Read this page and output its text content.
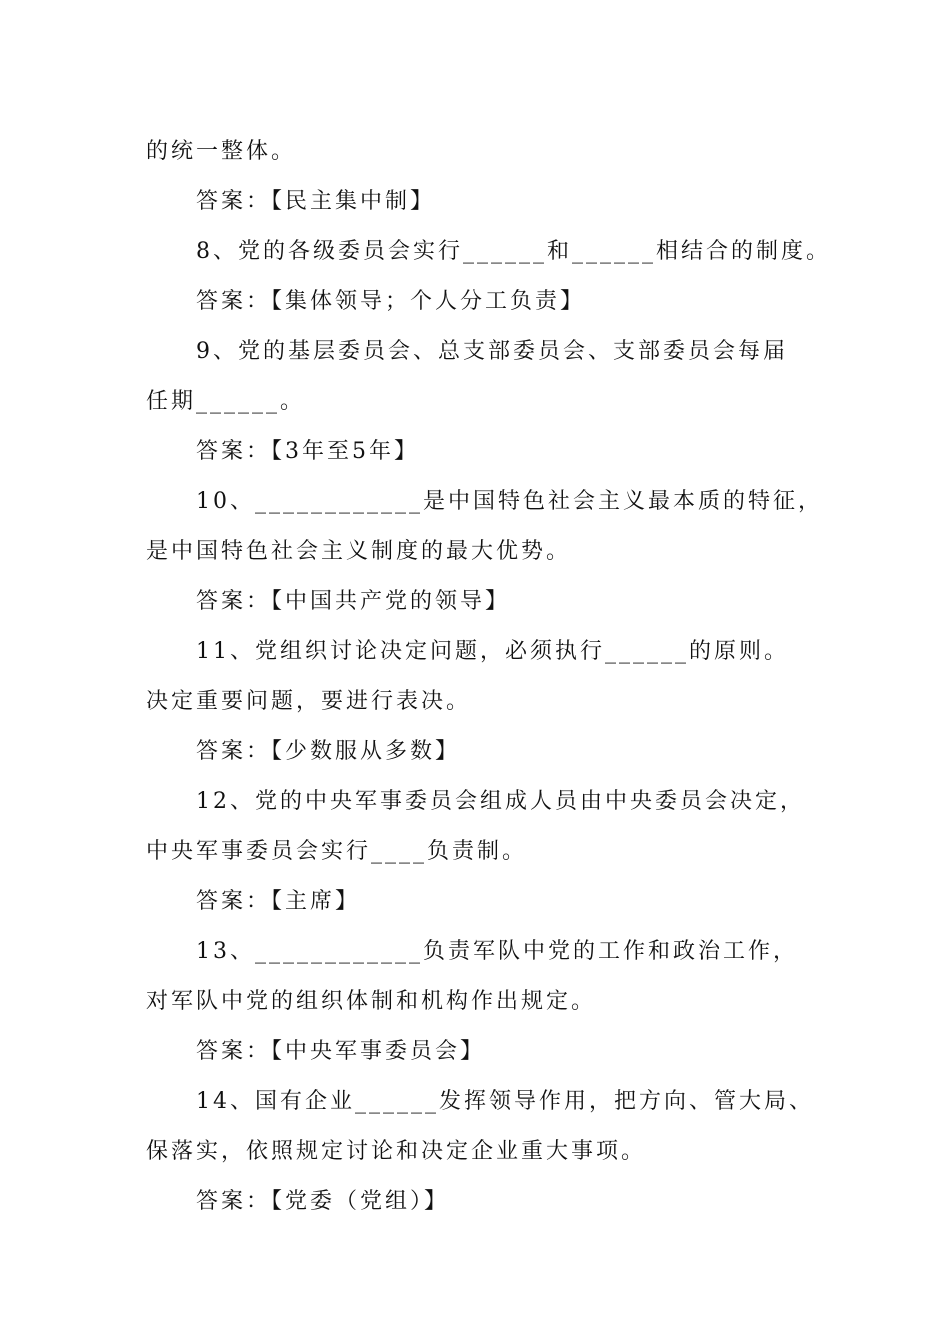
的统一整体。
答案：【民主集中制】
8、党的各级委员会实行______和______相结合的制度。
答案：【集体领导；个人分工负责】
9、党的基层委员会、总支部委员会、支部委员会每届
任期______。
答案：【3年至5年】
10、____________是中国特色社会主义最本质的特征，
是中国特色社会主义制度的最大优势。
答案：【中国共产党的领导】
11、党组织讨论决定问题，必须执行______的原则。
决定重要问题，要进行表决。
答案：【少数服从多数】
12、党的中央军事委员会组成人员由中央委员会决定，
中央军事委员会实行____负责制。
答案：【主席】
13、____________负责军队中党的工作和政治工作，
对军队中党的组织体制和机构作出规定。
答案：【中央军事委员会】
14、国有企业______发挥领导作用，把方向、管大局、
保落实，依照规定讨论和决定企业重大事项。
答案：【党委（党组）】
